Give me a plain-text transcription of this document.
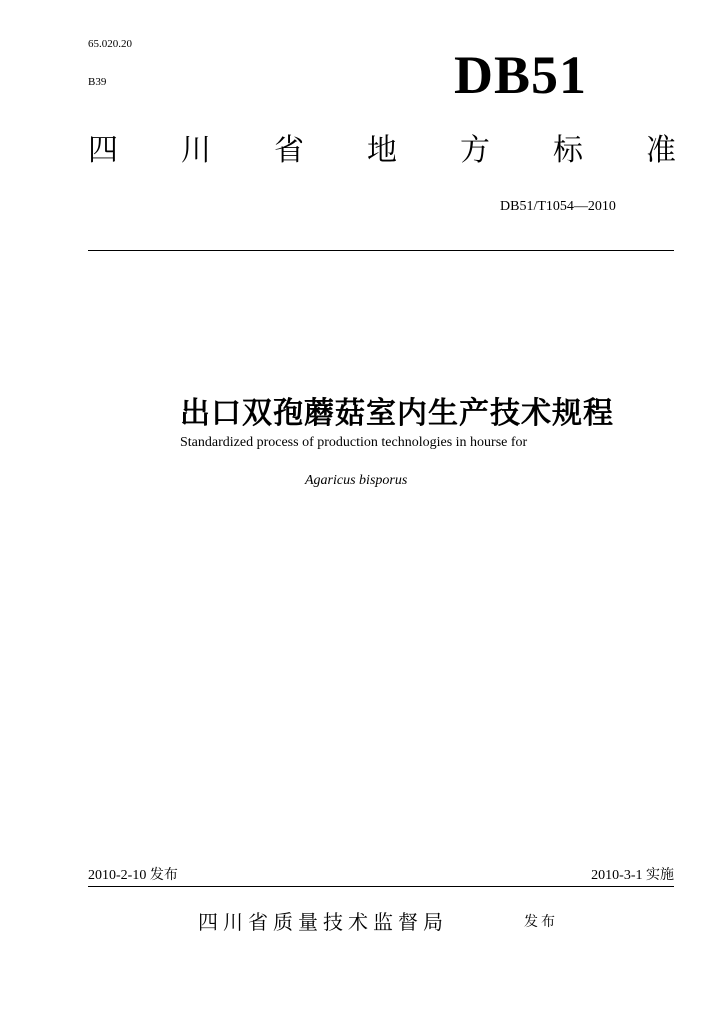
65.020.20
B39	DB51
四 川 省 地 方 标 准
DB51/T1054—2010
出口双孢蘑菇室内生产技术规程
Standardized process of production technologies in hourse for
Agaricus bisporus
2010-2-10 发布	2010-3-1 实施
四川省质量技术监督局	发布
